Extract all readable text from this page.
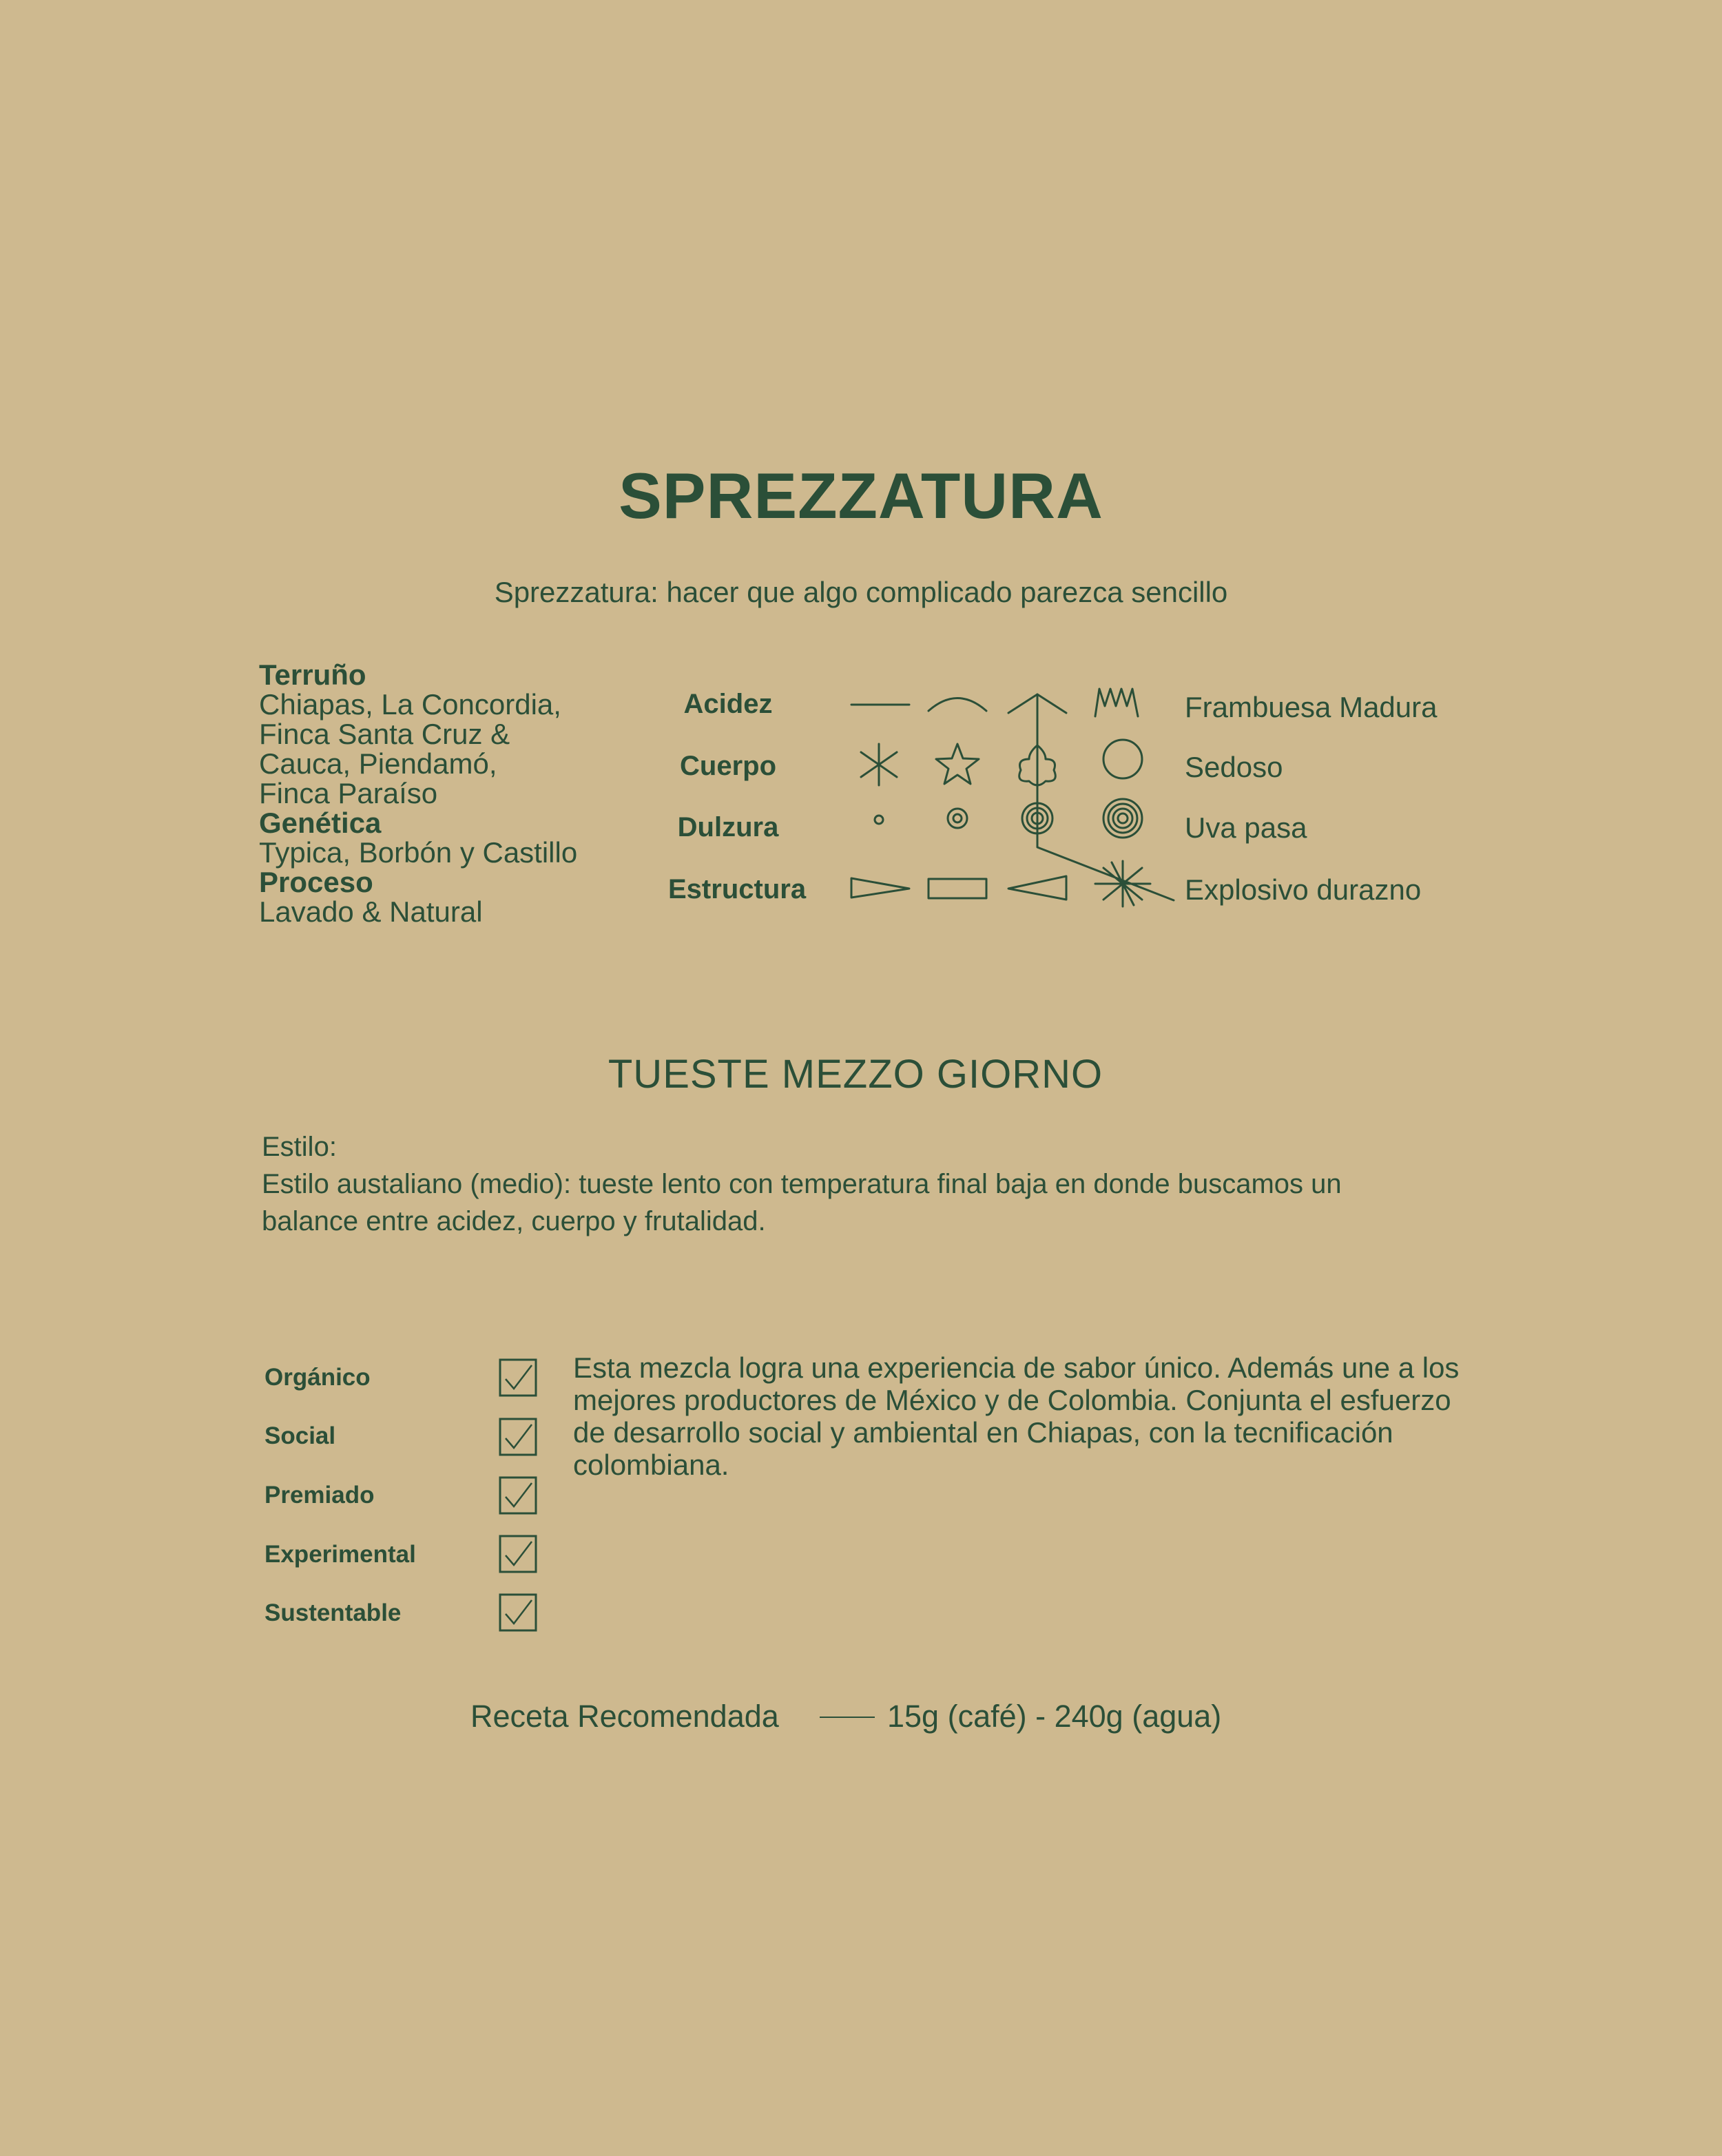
SPREZZATURA
Sprezzatura: hacer que algo complicado parezca sencillo
Terruño
Chiapas, La Concordia,
Finca Santa Cruz &
Cauca, Piendamó,
Finca Paraíso
Genética
Typica, Borbón y Castillo
Proceso
Lavado & Natural
Acidez
Cuerpo
Dulzura
Estructura
Frambuesa Madura
Sedoso
Uva pasa
Explosivo durazno
TUESTE MEZZO GIORNO
Estilo:
Estilo austaliano (medio): tueste lento con temperatura final baja en donde buscamos un
balance entre acidez, cuerpo y frutalidad.
Orgánico
Social
Premiado
Experimental
Sustentable
Esta mezcla logra una experiencia de sabor único. Además une a los mejores productores de México y de Colombia. Conjunta el esfuerzo de desarrollo social y ambiental en Chiapas, con la tecnificación colombiana.
Receta Recomendada	15g (café) - 240g (agua)
